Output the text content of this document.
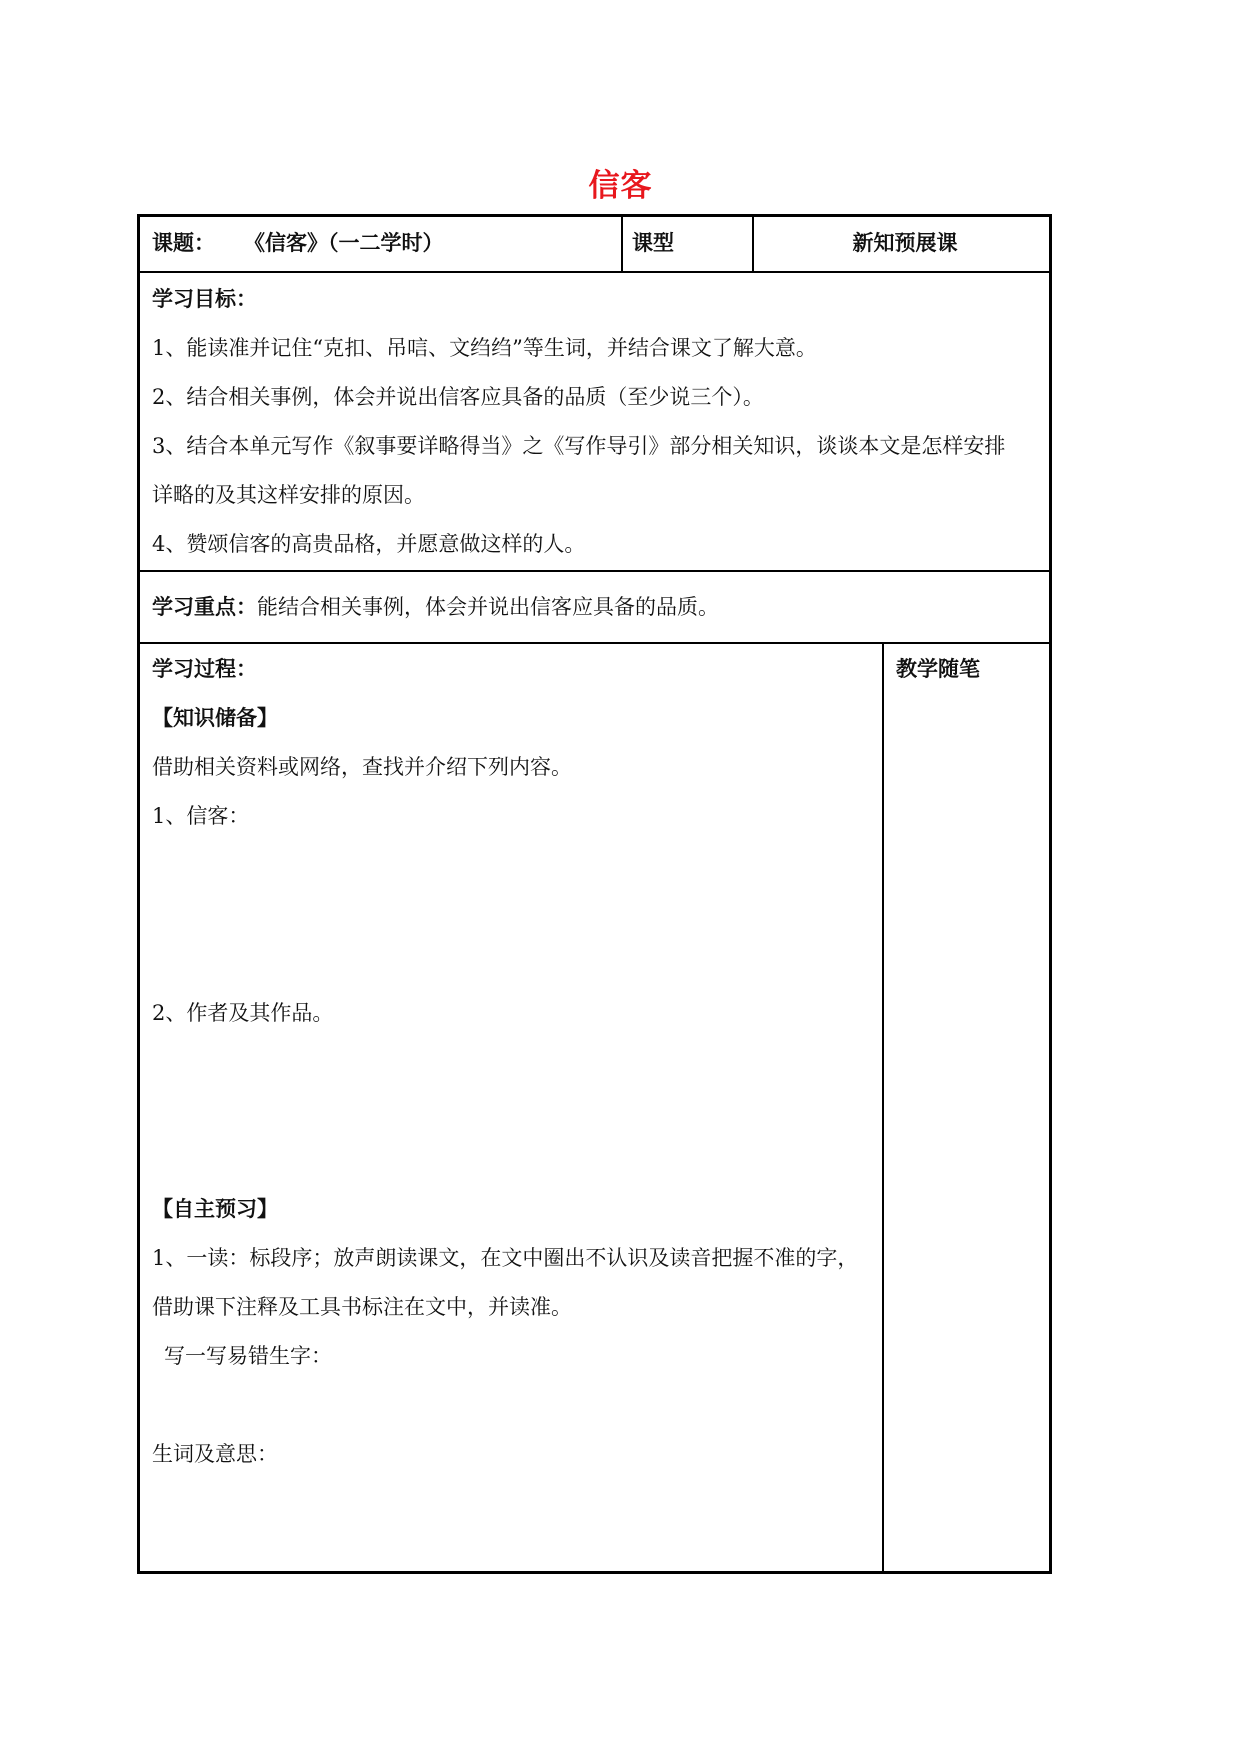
信客
课题： 《信客》（一二学时）	课型	新知预展课
学习目标：
1、能读准并记住“克扣、吊唁、文绉绉”等生词，并结合课文了解大意。
2、结合相关事例，体会并说出信客应具备的品质（至少说三个）。
3、结合本单元写作《叙事要详略得当》之《写作导引》部分相关知识，谈谈本文是怎样安排
详略的及其这样安排的原因。
4、赞颂信客的高贵品格，并愿意做这样的人。
学习重点：能结合相关事例，体会并说出信客应具备的品质。
学习过程：
【知识储备】
借助相关资料或网络，查找并介绍下列内容。
1、信客：
2、作者及其作品。
【自主预习】
1、一读：标段序；放声朗读课文，在文中圈出不认识及读音把握不准的字，
借助课下注释及工具书标注在文中，并读准。
写一写易错生字：
生词及意思：
教学随笔
